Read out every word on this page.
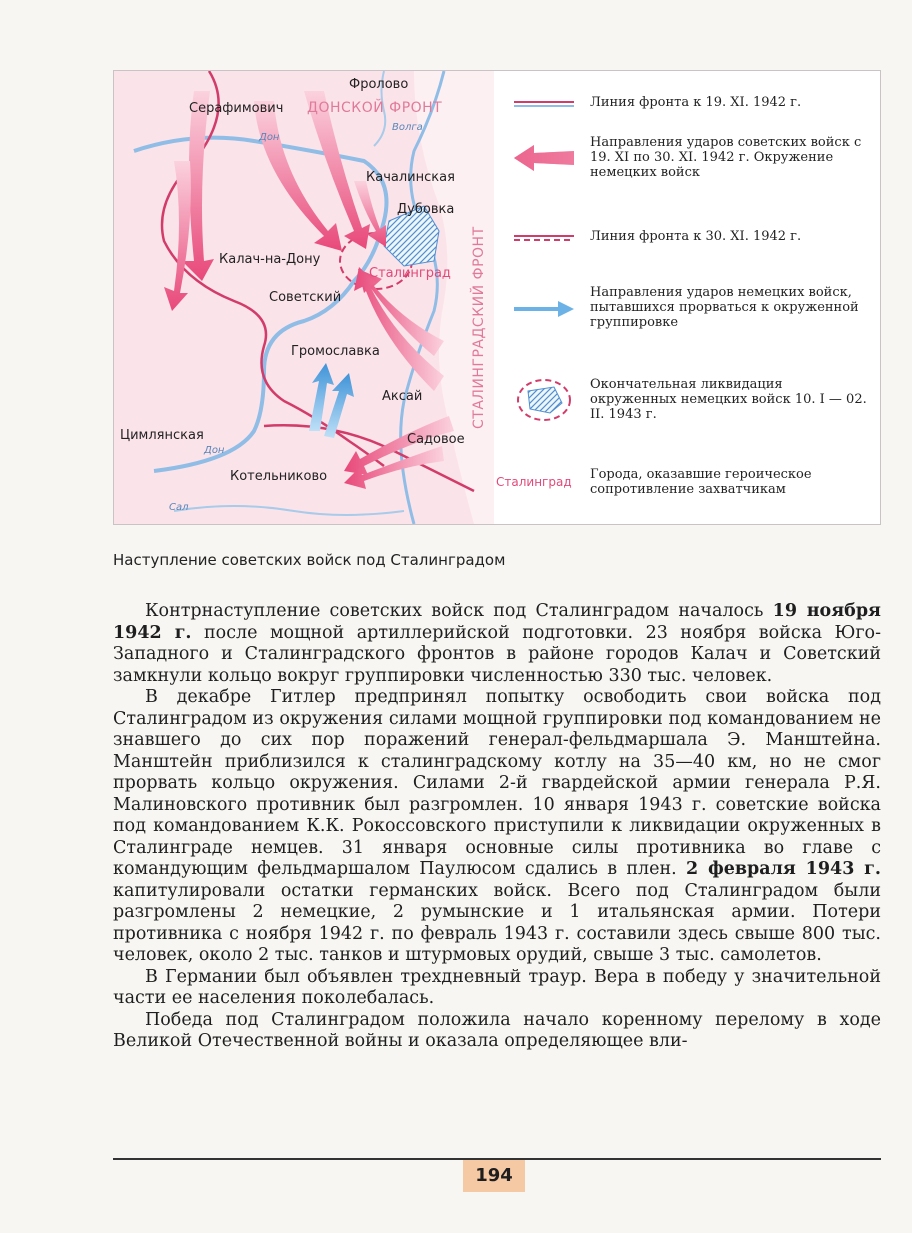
Фролово
Серафимович ДОНСКОЙ ФРОНТ
Дон
Волга
Качалинская
Дубовка
СТАЛИНГРАДСКИЙ ФРОНТ
Калач-на-Дону
Сталинград
Советский
Громославка
Аксай
Цимлянская
Дон
Садовое
Котельниково
Сал
Линия фронта к 19. XI. 1942 г.
Направления ударов советских войск с 19. XI по 30. XI. 1942 г. Окружение немецких войск
Линия фронта к 30. XI. 1942 г.
Направления ударов немецких войск, пытавшихся прорваться к окруженной группировке
Окончательная ликвидация окруженных немецких войск 10. I — 02. II. 1943 г.
Сталинград	Города, оказавшие героическое сопротивление захватчикам
Наступление советских войск под Сталинградом

Контрнаступление советских войск под Сталинградом началось 19 ноября 1942 г. после мощной артиллерийской подготовки. 23 ноября войска Юго-Западного и Сталинградского фронтов в районе городов Калач и Советский замкнули кольцо вокруг группировки численностью 330 тыс. человек.

В декабре Гитлер предпринял попытку освободить свои войска под Сталинградом из окружения силами мощной группировки под командованием не знавшего до сих пор поражений генерал-фельдмаршала Э. Манштейна. Манштейн приблизился к сталинградскому котлу на 35—40 км, но не смог прорвать кольцо окружения. Силами 2-й гвардейской армии генерала Р.Я. Малиновского противник был разгромлен. 10 января 1943 г. советские войска под командованием К.К. Рокоссовского приступили к ликвидации окруженных в Сталинграде немцев. 31 января основные силы противника во главе с командующим фельдмаршалом Паулюсом сдались в плен. 2 февраля 1943 г. капитулировали остатки германских войск. Всего под Сталинградом были разгромлены 2 немецкие, 2 румынские и 1 итальянская армии. Потери противника с ноября 1942 г. по февраль 1943 г. составили здесь свыше 800 тыс. человек, около 2 тыс. танков и штурмовых орудий, свыше 3 тыс. самолетов.

В Германии был объявлен трехдневный траур. Вера в победу у значительной части ее населения поколебалась.

Победа под Сталинградом положила начало коренному перелому в ходе Великой Отечественной войны и оказала определяющее вли-

194
